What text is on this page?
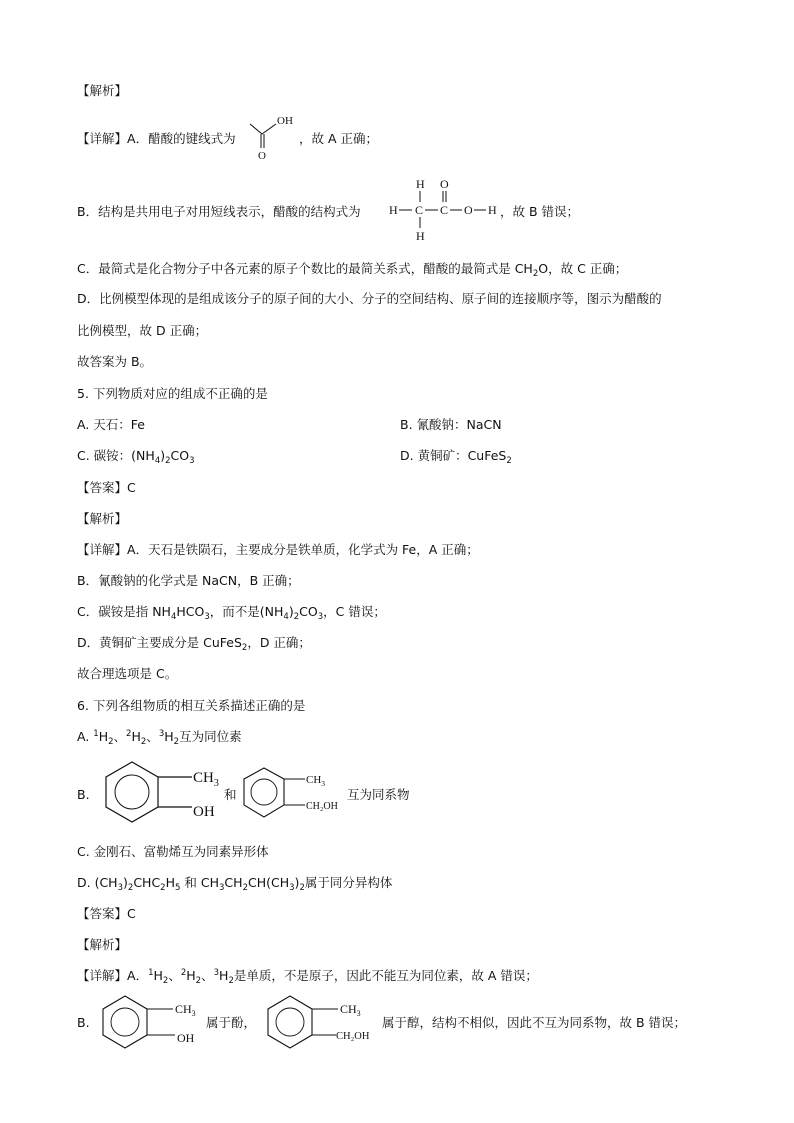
【解析】
【详解】A．醋酸的键线式为
OH
O
，故 A 正确；
B．结构是共用电子对用短线表示，醋酸的结构式为 H C
H
H
C
O
O H ，故 B 错误；
C．最简式是化合物分子中各元素的原子个数比的最简关系式，醋酸的最简式是 $CH_2O$，故 C 正确；
D．比例模型体现的是组成该分子的原子间的大小、分子的空间结构、原子间的连接顺序等，图示为醋酸的
比例模型，故 D 正确；
故答案为 B。
5. 下列物质对应的组成不正确的是
A. 天石：Fe	B. 氰酸钠：NaCN
C. 碳铵：$(NH_4)_2CO_3$	D. 黄铜矿：CuFeS$_2$
【答案】C
【解析】
【详解】A．天石是铁陨石，主要成分是铁单质，化学式为 Fe，A 正确；
B．氰酸钠的化学式是 NaCN，B 正确；
C．碳铵是指 $NH_4HCO_3$，而不是$(NH_4)_2CO_3$，C 错误；
D．黄铜矿主要成分是 CuFeS$_2$，D 正确；
故合理选项是 C。
6. 下列各组物质的相互关系描述正确的是
A. $^1H_2$、$^2H_2$、$^3H_2$互为同位素
B.
$CH_3$
OH
和
$CH_3$
CH₂OH
互为同系物
C. 金刚石、富勒烯互为同素异形体
D. $(CH_3)_2CHC_2H_5$ 和 $CH_3CH_2CH(CH_3)_2$属于同分异构体
【答案】C
【解析】
【详解】A．$^1H_2$、$^2H_2$、$^3H_2$是单质，不是原子，因此不能互为同位素，故 A 错误；
B.
$CH_3$
OH
属于酚，
$CH_3$
CH₂OH
属于醇，结构不相似，因此不互为同系物，故 B 错误；
